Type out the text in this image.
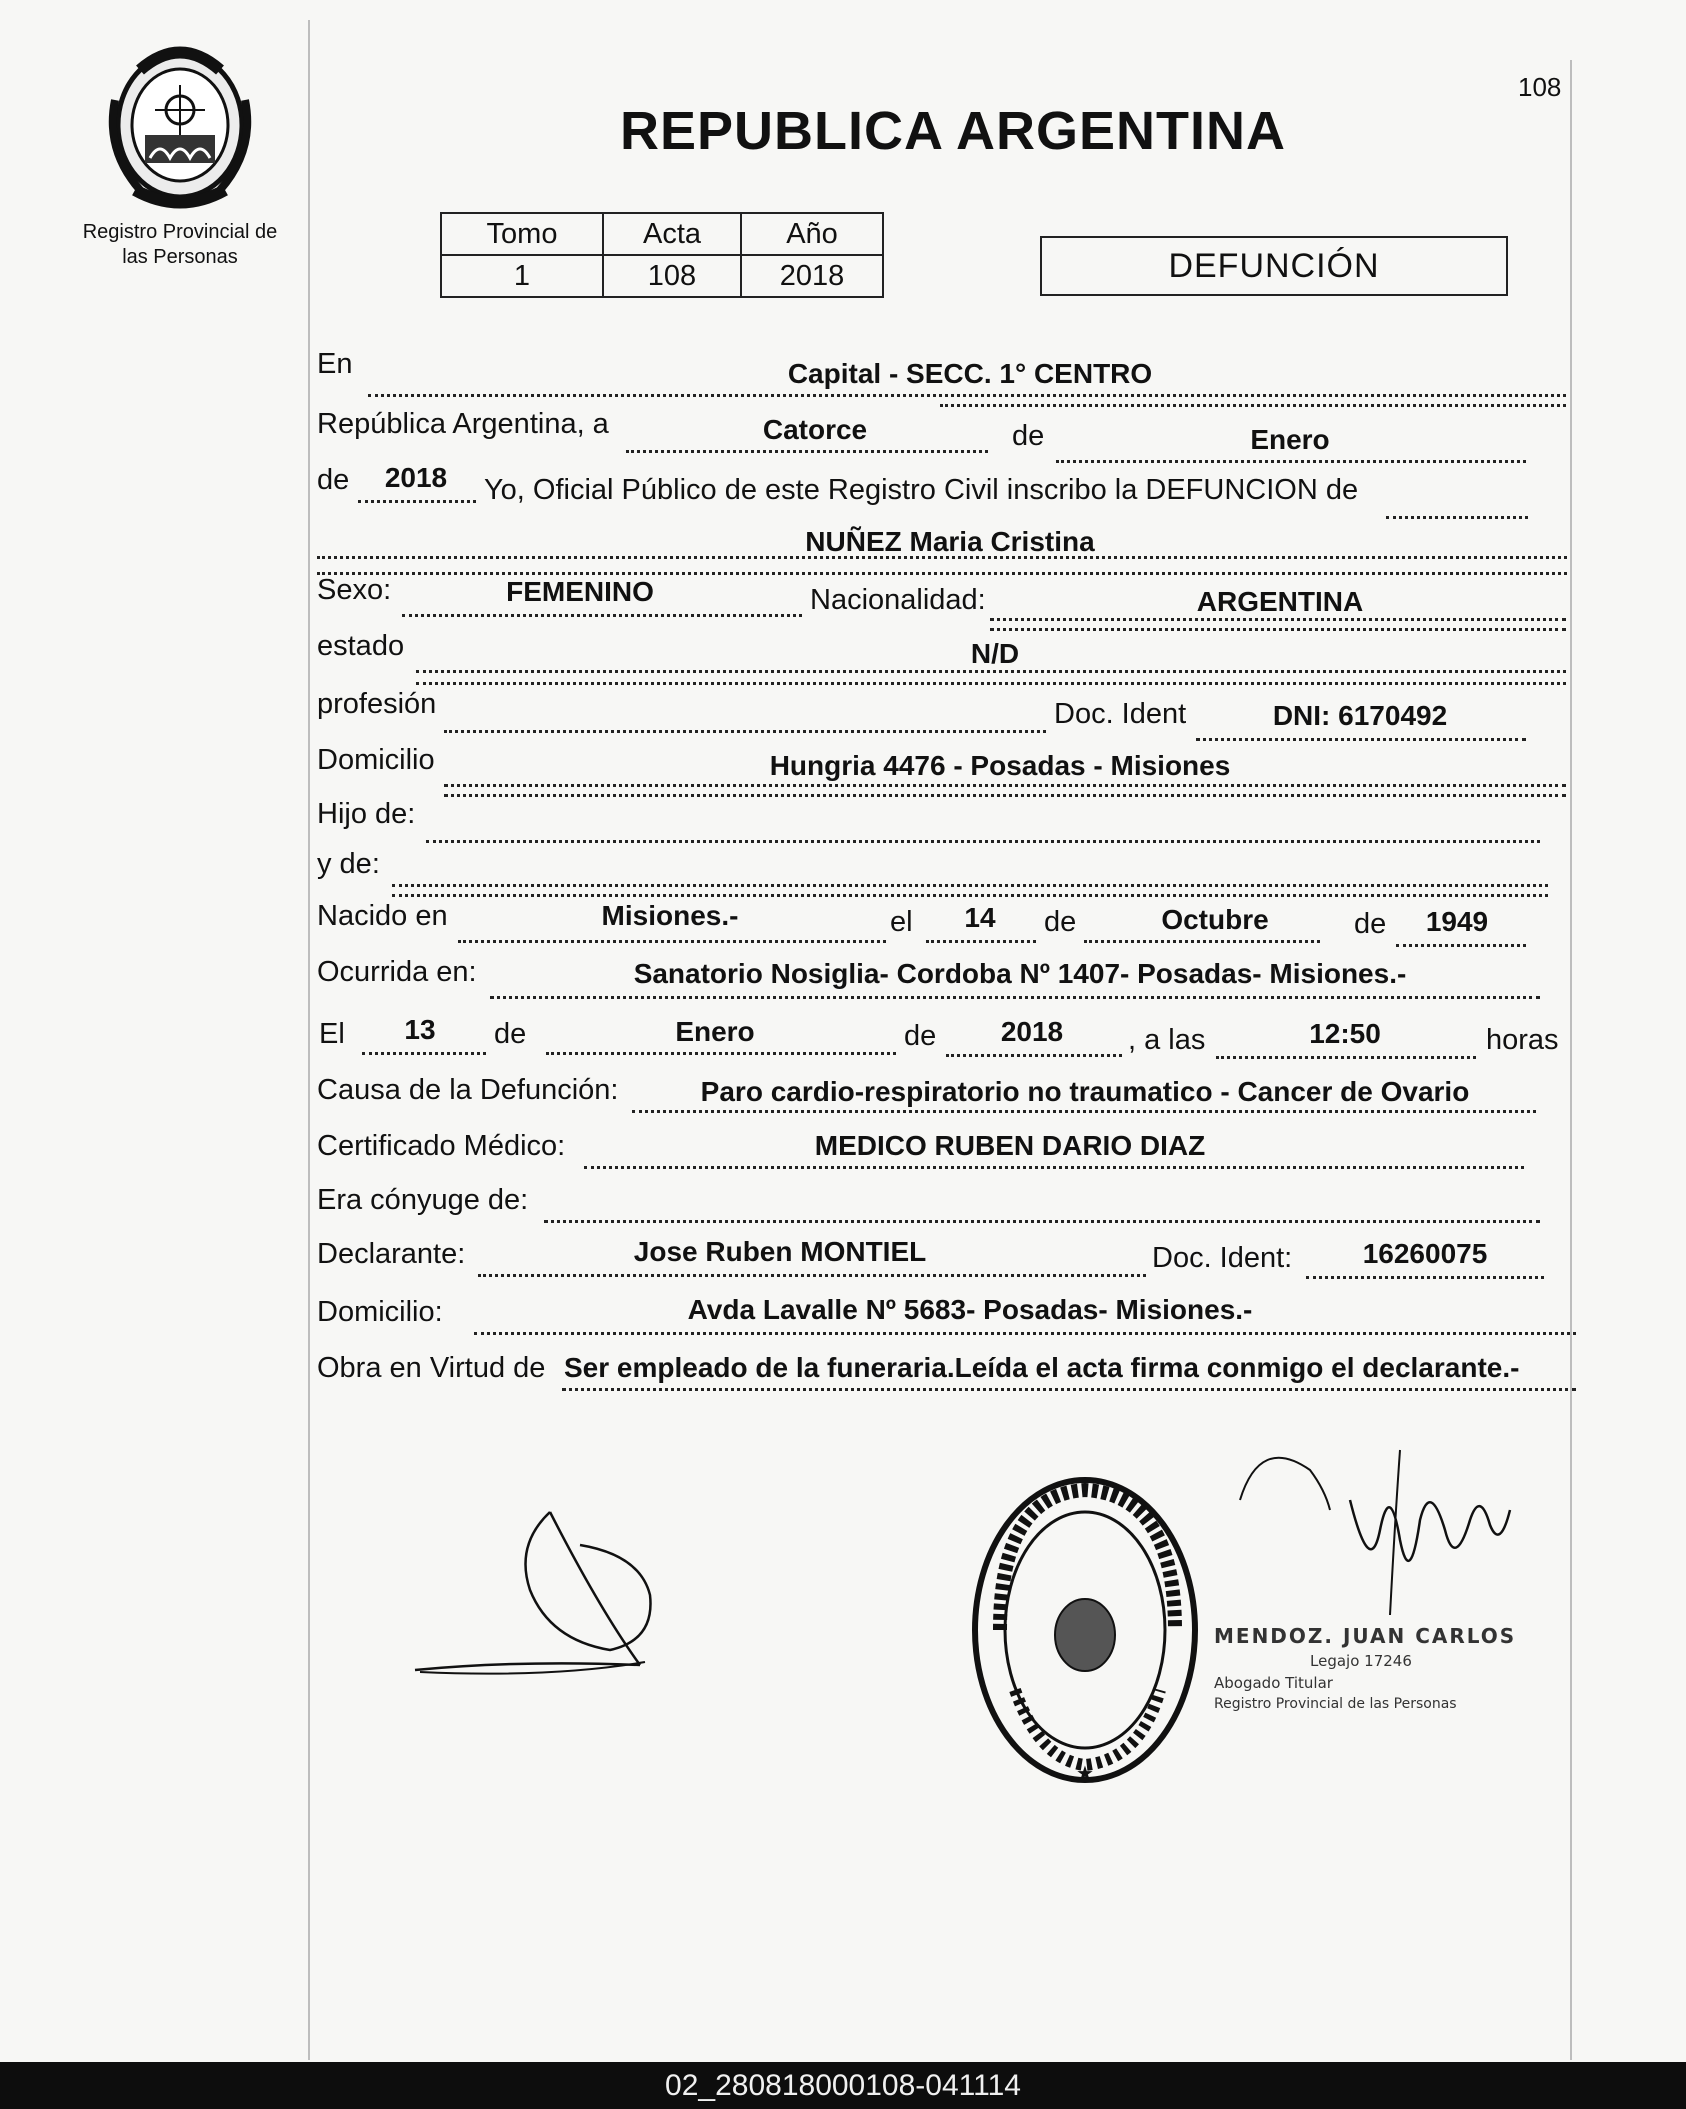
Registro Provincial de las Personas
108
REPUBLICA ARGENTINA
Tomo	Acta	Año
1	108	2018	DEFUNCIÓN
En	Capital - SECC. 1° CENTRO
República Argentina, a	Catorce	de	Enero
de	2018	Yo, Oficial Público de este Registro Civil inscribo la DEFUNCION de
NUÑEZ Maria Cristina
Sexo:	FEMENINO	Nacionalidad:	ARGENTINA
estado	N/D
profesión	Doc. Ident	DNI: 6170492
Domicilio	Hungria 4476 - Posadas - Misiones
Hijo de:
y de:
Nacido en	Misiones.-	el	14	de	Octubre	de	1949
Ocurrida en:	Sanatorio Nosiglia- Cordoba Nº 1407- Posadas- Misiones.-
El	13	de	Enero	de	2018	, a las	12:50	horas
Causa de la Defunción:	Paro cardio-respiratorio no traumatico - Cancer de Ovario
Certificado Médico:	MEDICO RUBEN DARIO DIAZ
Era cónyuge de:
Declarante:	Jose Ruben MONTIEL	Doc. Ident:	16260075
Domicilio:	Avda Lavalle Nº 5683- Posadas- Misiones.-
Obra en Virtud de Ser empleado de la funeraria.Leída el acta firma conmigo el declarante.-
★
MENDOZ. JUAN CARLOS
Legajo 17246
Abogado Titular
Registro Provincial de las Personas
02_280818000108-041114
